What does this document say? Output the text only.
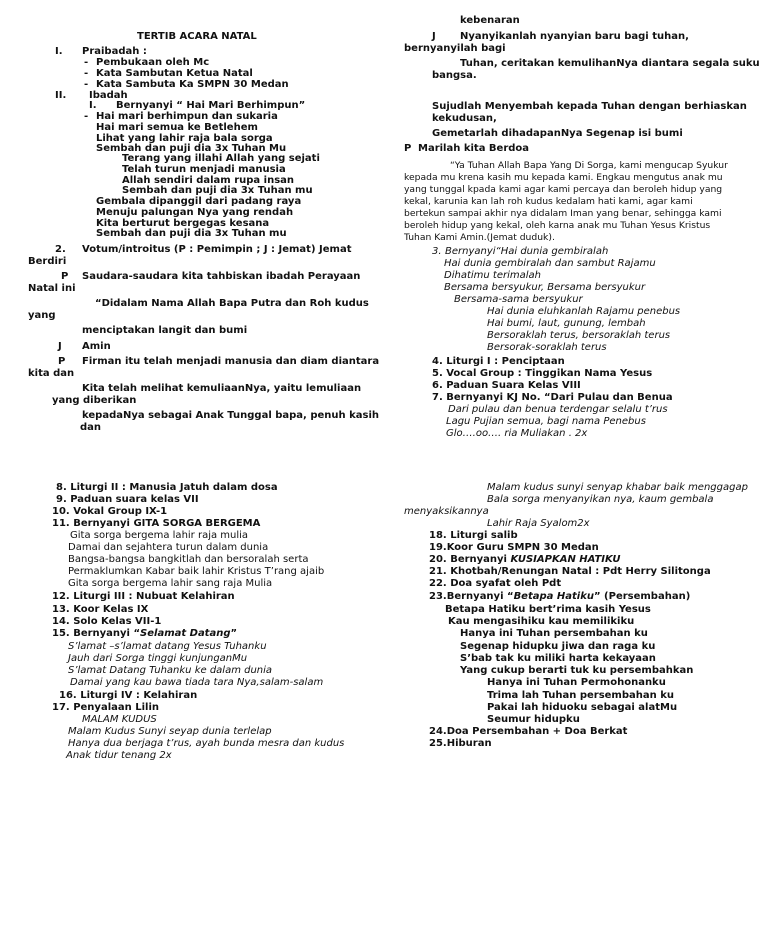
TERTIB ACARA NATAL
I. Praibadah :
- Pembukaan oleh Mc
- Kata Sambutan Ketua Natal
- Kata Sambuta Ka SMPN 30 Medan
II. Ibadah
I. Bernyanyi “ Hai Mari Berhimpun”
- Hai mari berhimpun dan sukaria
Hai mari semua ke Betlehem
Lihat yang lahir raja bala sorga
Sembah dan puji dia 3x Tuhan Mu
Terang yang illahi Allah yang sejati
Telah turun menjadi manusia
Allah sendiri dalam rupa insan
Sembah dan puji dia 3x Tuhan mu
Gembala dipanggil dari padang raya
Menuju palungan Nya yang rendah
Kita berturut bergegas kesana
Sembah dan puji dia 3x Tuhan mu
2. Votum/introitus (P : Pemimpin ; J : Jemat) Jemat
Berdiri
P Saudara-saudara kita tahbiskan ibadah Perayaan
Natal ini
“Didalam Nama Allah Bapa Putra dan Roh kudus
yang
menciptakan langit dan bumi
J Amin
P Firman itu telah menjadi manusia dan diam diantara
kita dan
Kita telah melihat kemuliaanNya, yaitu lemuliaan
yang diberikan
kepadaNya sebagai Anak Tunggal bapa, penuh kasih
dan
kebenaran
J Nyanyikanlah nyanyian baru bagi tuhan,
bernyanyilah bagi
Tuhan, ceritakan kemulihanNya diantara segala suku
bangsa.
Sujudlah Menyembah kepada Tuhan dengan berhiaskan
kekudusan,
Gemetarlah dihadapanNya Segenap isi bumi
P Marilah kita Berdoa
“Ya Tuhan Allah Bapa Yang Di Sorga, kami mengucap Syukur kepada mu krena kasih mu kepada kami. Engkau mengutus anak mu yang tunggal kpada kami agar kami percaya dan beroleh hidup yang kekal, karunia kan lah roh kudus kedalam hati kami, agar kami bertekun sampai akhir nya didalam Iman yang benar, sehingga kami beroleh hidup yang kekal, oleh karna anak mu Tuhan Yesus Kristus Tuhan Kami Amin.(Jemat duduk).
3. Bernyanyi“Hai dunia gembiralah
Hai dunia gembiralah dan sambut Rajamu
Dihatimu terimalah
Bersama bersyukur, Bersama bersyukur
Bersama-sama bersyukur
Hai dunia eluhkanlah Rajamu penebus
Hai bumi, laut, gunung, lembah
Bersoraklah terus, bersoraklah terus
Bersorak-soraklah terus
4. Liturgi I : Penciptaan
5. Vocal Group : Tinggikan Nama Yesus
6. Paduan Suara Kelas VIII
7. Bernyanyi KJ No. “Dari Pulau dan Benua
Dari pulau dan benua terdengar selalu t’rus
Lagu Pujian semua, bagi nama Penebus
Glo….oo…. ria Muliakan . 2x
8. Liturgi II : Manusia Jatuh dalam dosa
9. Paduan suara kelas VII
10. Vokal Group IX-1
11. Bernyanyi GITA SORGA BERGEMA
Gita sorga bergema lahir raja mulia
Damai dan sejahtera turun dalam dunia
Bangsa-bangsa bangkitlah dan bersoralah serta
Permaklumkan Kabar baik lahir Kristus T’rang ajaib
Gita sorga bergema lahir sang raja Mulia
12. Liturgi III : Nubuat Kelahiran
13. Koor Kelas IX
14. Solo Kelas VII-1
15. Bernyanyi “Selamat Datang”
S’lamat –s’lamat datang Yesus Tuhanku
Jauh dari Sorga tinggi kunjunganMu
S’lamat Datang Tuhanku ke dalam dunia
Damai yang kau bawa tiada tara Nya,salam-salam
16. Liturgi IV : Kelahiran
17. Penyalaan Lilin
MALAM KUDUS
Malam Kudus Sunyi seyap dunia terlelap
Hanya dua berjaga t’rus, ayah bunda mesra dan kudus
Anak tidur tenang 2x
Malam kudus sunyi senyap khabar baik menggagap
Bala sorga menyanyikan nya, kaum gembala
menyaksikannya
Lahir Raja Syalom2x
18. Liturgi salib
19.Koor Guru SMPN 30 Medan
20. Bernyanyi KUSIAPKAN HATIKU
21. Khotbah/Renungan Natal : Pdt Herry Silitonga
22. Doa syafat oleh Pdt
23.Bernyanyi “Betapa Hatiku” (Persembahan)
Betapa Hatiku bert’rima kasih Yesus
Kau mengasihiku kau memilikiku
Hanya ini Tuhan persembahan ku
Segenap hidupku jiwa dan raga ku
S’bab tak ku miliki harta kekayaan
Yang cukup berarti tuk ku persembahkan
Hanya ini Tuhan Permohonanku
Trima lah Tuhan persembahan ku
Pakai lah hiduoku sebagai alatMu
Seumur hidupku
24.Doa Persembahan + Doa Berkat
25.Hiburan
